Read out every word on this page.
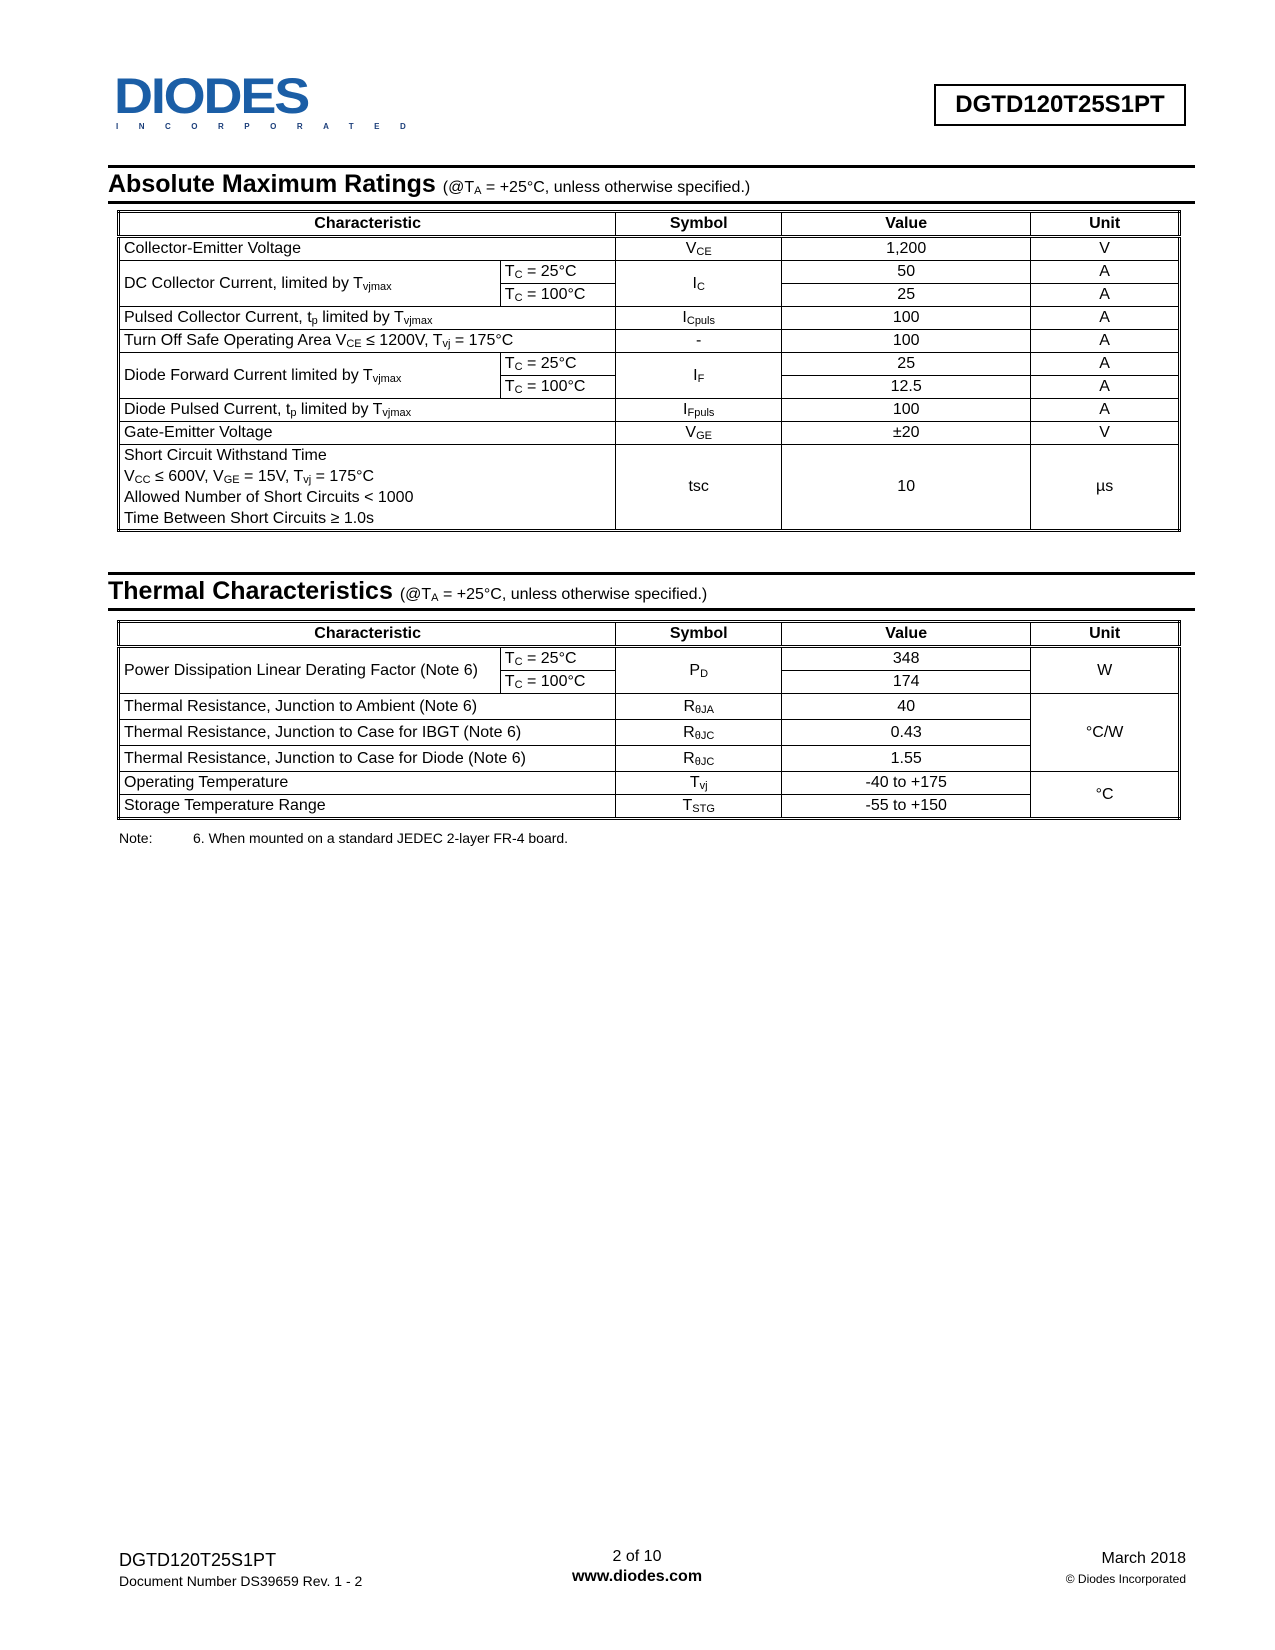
DIODES
INCORPORATED
DGTD120T25S1PT
Absolute Maximum Ratings ($@T_A = +25^\circ C$, unless otherwise specified.)
Characteristic		Symbol	Value	Unit
Collector-Emitter Voltage		$V_{CE}$	1,200	V
DC Collector Current, limited by $T_{vjmax}$	$T_C = 25^\circ C$	$I_C$	50	A
	$T_C = 100^\circ C$		25	A
Pulsed Collector Current, $t_p$ limited by $T_{vjmax}$		$I_{Cpuls}$	100	A
Turn Off Safe Operating Area $V_{CE} \le 1200V$, $T_{vj} = 175^\circ C$		-	100	A
Diode Forward Current limited by $T_{vjmax}$	$T_C = 25^\circ C$	$I_F$	25	A
	$T_C = 100^\circ C$		12.5	A
Diode Pulsed Current, $t_p$ limited by $T_{vjmax}$		$I_{Fpuls}$	100	A
Gate-Emitter Voltage		$V_{GE}$	±20	V

Short Circuit Withstand Time
$V_{CC} \le 600V$, $V_{GE} = 15V$, $T_{vj} = 175^\circ C$
Allowed Number of Short Circuits < 1000
Time Between Short Circuits ≥ 1.0s		tsc	10	µs
Thermal Characteristics ($@T_A = +25^\circ C$, unless otherwise specified.)
Characteristic		Symbol	Value	Unit
Power Dissipation Linear Derating Factor (Note 6)	$T_C = 25^\circ C$	$P_D$	348	W
	$T_C = 100^\circ C$		174	
Thermal Resistance, Junction to Ambient (Note 6)		$R_{\theta JA}$	40	°C/W
Thermal Resistance, Junction to Case for IBGT (Note 6)		$R_{\theta JC}$	0.43	
Thermal Resistance, Junction to Case for Diode (Note 6)		$R_{\theta JC}$	1.55	
Operating Temperature		$T_{vj}$	-40 to +175	°C
Storage Temperature Range		$T_{STG}$	-55 to +150	
Note:	6. When mounted on a standard JEDEC 2-layer FR-4 board.
DGTD120T25S1PT
Document Number DS39659 Rev. 1 - 2
2 of 10
www.diodes.com
March 2018
© Diodes Incorporated
